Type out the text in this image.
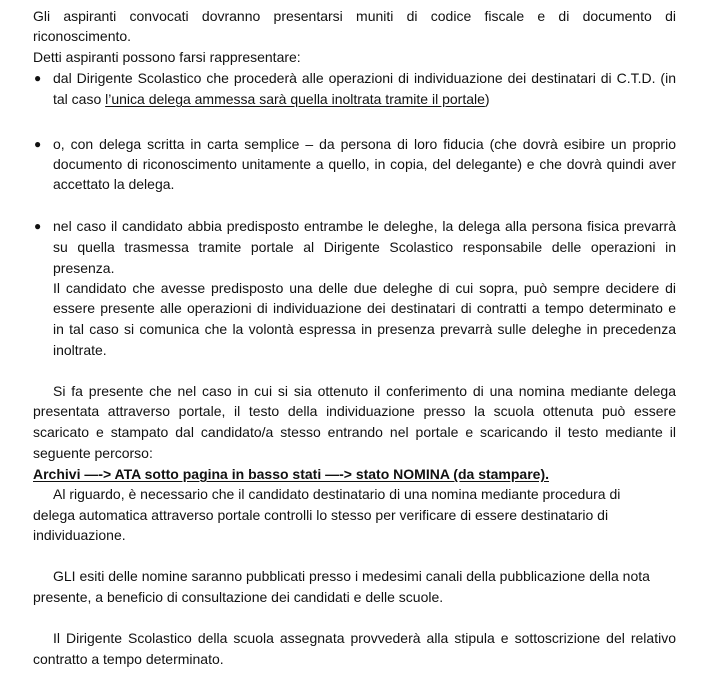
Gli aspiranti convocati dovranno presentarsi muniti di codice fiscale e di documento di
riconoscimento.
Detti aspiranti possono farsi rappresentare:
● dal Dirigente Scolastico che procederà alle operazioni di individuazione dei destinatari di C.T.D. (in
tal caso l’unica delega ammessa sarà quella inoltrata tramite il portale)
● o, con delega scritta in carta semplice – da persona di loro fiducia (che dovrà esibire un proprio
documento di riconoscimento unitamente a quello, in copia, del delegante) e che dovrà quindi aver
accettato la delega.
● nel caso il candidato abbia predisposto entrambe le deleghe, la delega alla persona fisica prevarrà
su quella trasmessa tramite portale al Dirigente Scolastico responsabile delle operazioni in
presenza.
Il candidato che avesse predisposto una delle due deleghe di cui sopra, può sempre decidere di
essere presente alle operazioni di individuazione dei destinatari di contratti a tempo determinato e
in tal caso si comunica che la volontà espressa in presenza prevarrà sulle deleghe in precedenza
inoltrate.
Si fa presente che nel caso in cui si sia ottenuto il conferimento di una nomina mediante delega
presentata attraverso portale, il testo della individuazione presso la scuola ottenuta può essere
scaricato e stampato dal candidato/a stesso entrando nel portale e scaricando il testo mediante il
seguente percorso:
Archivi —-> ATA sotto pagina in basso stati —-> stato NOMINA (da stampare).
Al riguardo, è necessario che il candidato destinatario di una nomina mediante procedura di
delega automatica attraverso portale controlli lo stesso per verificare di essere destinatario di
individuazione.
GLI esiti delle nomine saranno pubblicati presso i medesimi canali della pubblicazione della nota
presente, a beneficio di consultazione dei candidati e delle scuole.
Il Dirigente Scolastico della scuola assegnata provvederà alla stipula e sottoscrizione del relativo
contratto a tempo determinato.
